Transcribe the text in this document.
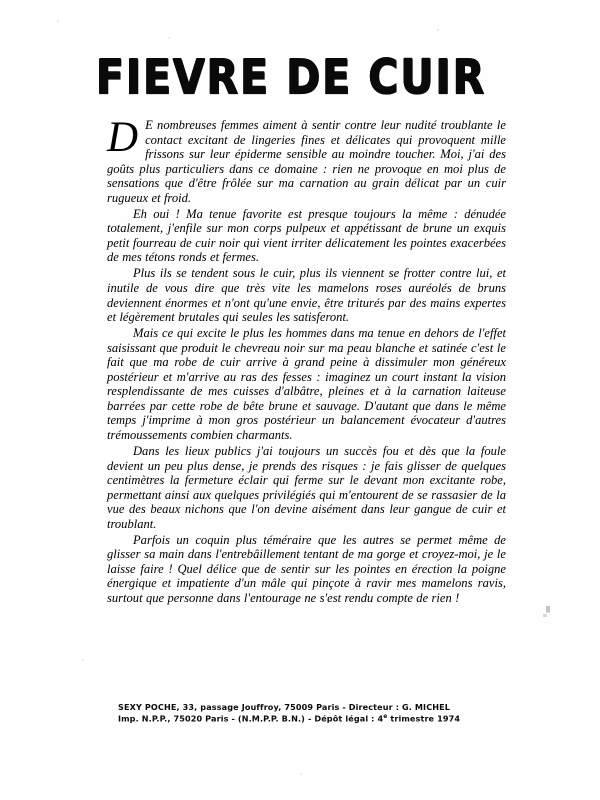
FIEVRE DE CUIR

D E nombreuses femmes aiment à sentir contre leur nudité troublante le contact excitant de lingeries fines et délicates qui provoquent mille frissons sur leur épiderme sensible au moindre toucher. Moi, j'ai des goûts plus particuliers dans ce domaine : rien ne provoque en moi plus de sensations que d'être frôlée sur ma carnation au grain délicat par un cuir rugueux et froid.

Eh oui ! Ma tenue favorite est presque toujours la même : dénudée totalement, j'enfile sur mon corps pulpeux et appétissant de brune un exquis petit fourreau de cuir noir qui vient irriter délicatement les pointes exacerbées de mes tétons ronds et fermes.

Plus ils se tendent sous le cuir, plus ils viennent se frotter contre lui, et inutile de vous dire que très vite les mamelons roses auréolés de bruns deviennent énormes et n'ont qu'une envie, être triturés par des mains expertes et légèrement brutales qui seules les satisferont.

Mais ce qui excite le plus les hommes dans ma tenue en dehors de l'effet saisissant que produit le chevreau noir sur ma peau blanche et satinée c'est le fait que ma robe de cuir arrive à grand peine à dissimuler mon généreux postérieur et m'arrive au ras des fesses : imaginez un court instant la vision resplendissante de mes cuisses d'albâtre, pleines et à la carnation laiteuse barrées par cette robe de bête brune et sauvage. D'autant que dans le même temps j'imprime à mon gros postérieur un balancement évocateur d'autres trémoussements combien charmants.

Dans les lieux publics j'ai toujours un succès fou et dès que la foule devient un peu plus dense, je prends des risques : je fais glisser de quelques centimètres la fermeture éclair qui ferme sur le devant mon excitante robe, permettant ainsi aux quelques privilégiés qui m'entourent de se rassasier de la vue des beaux nichons que l'on devine aisément dans leur gangue de cuir et troublant.

Parfois un coquin plus téméraire que les autres se permet même de glisser sa main dans l'entrebâillement tentant de ma gorge et croyez-moi, je le laisse faire ! Quel délice que de sentir sur les pointes en érection la poigne énergique et impatiente d'un mâle qui pinçote à ravir mes mamelons ravis, surtout que personne dans l'entourage ne s'est rendu compte de rien !

SEXY POCHE, 33, passage Jouffroy, 75009 Paris - Directeur : G. MICHEL
Imp. N.P.P., 75020 Paris - (N.M.P.P. B.N.) - Dépôt légal : 4e trimestre 1974
